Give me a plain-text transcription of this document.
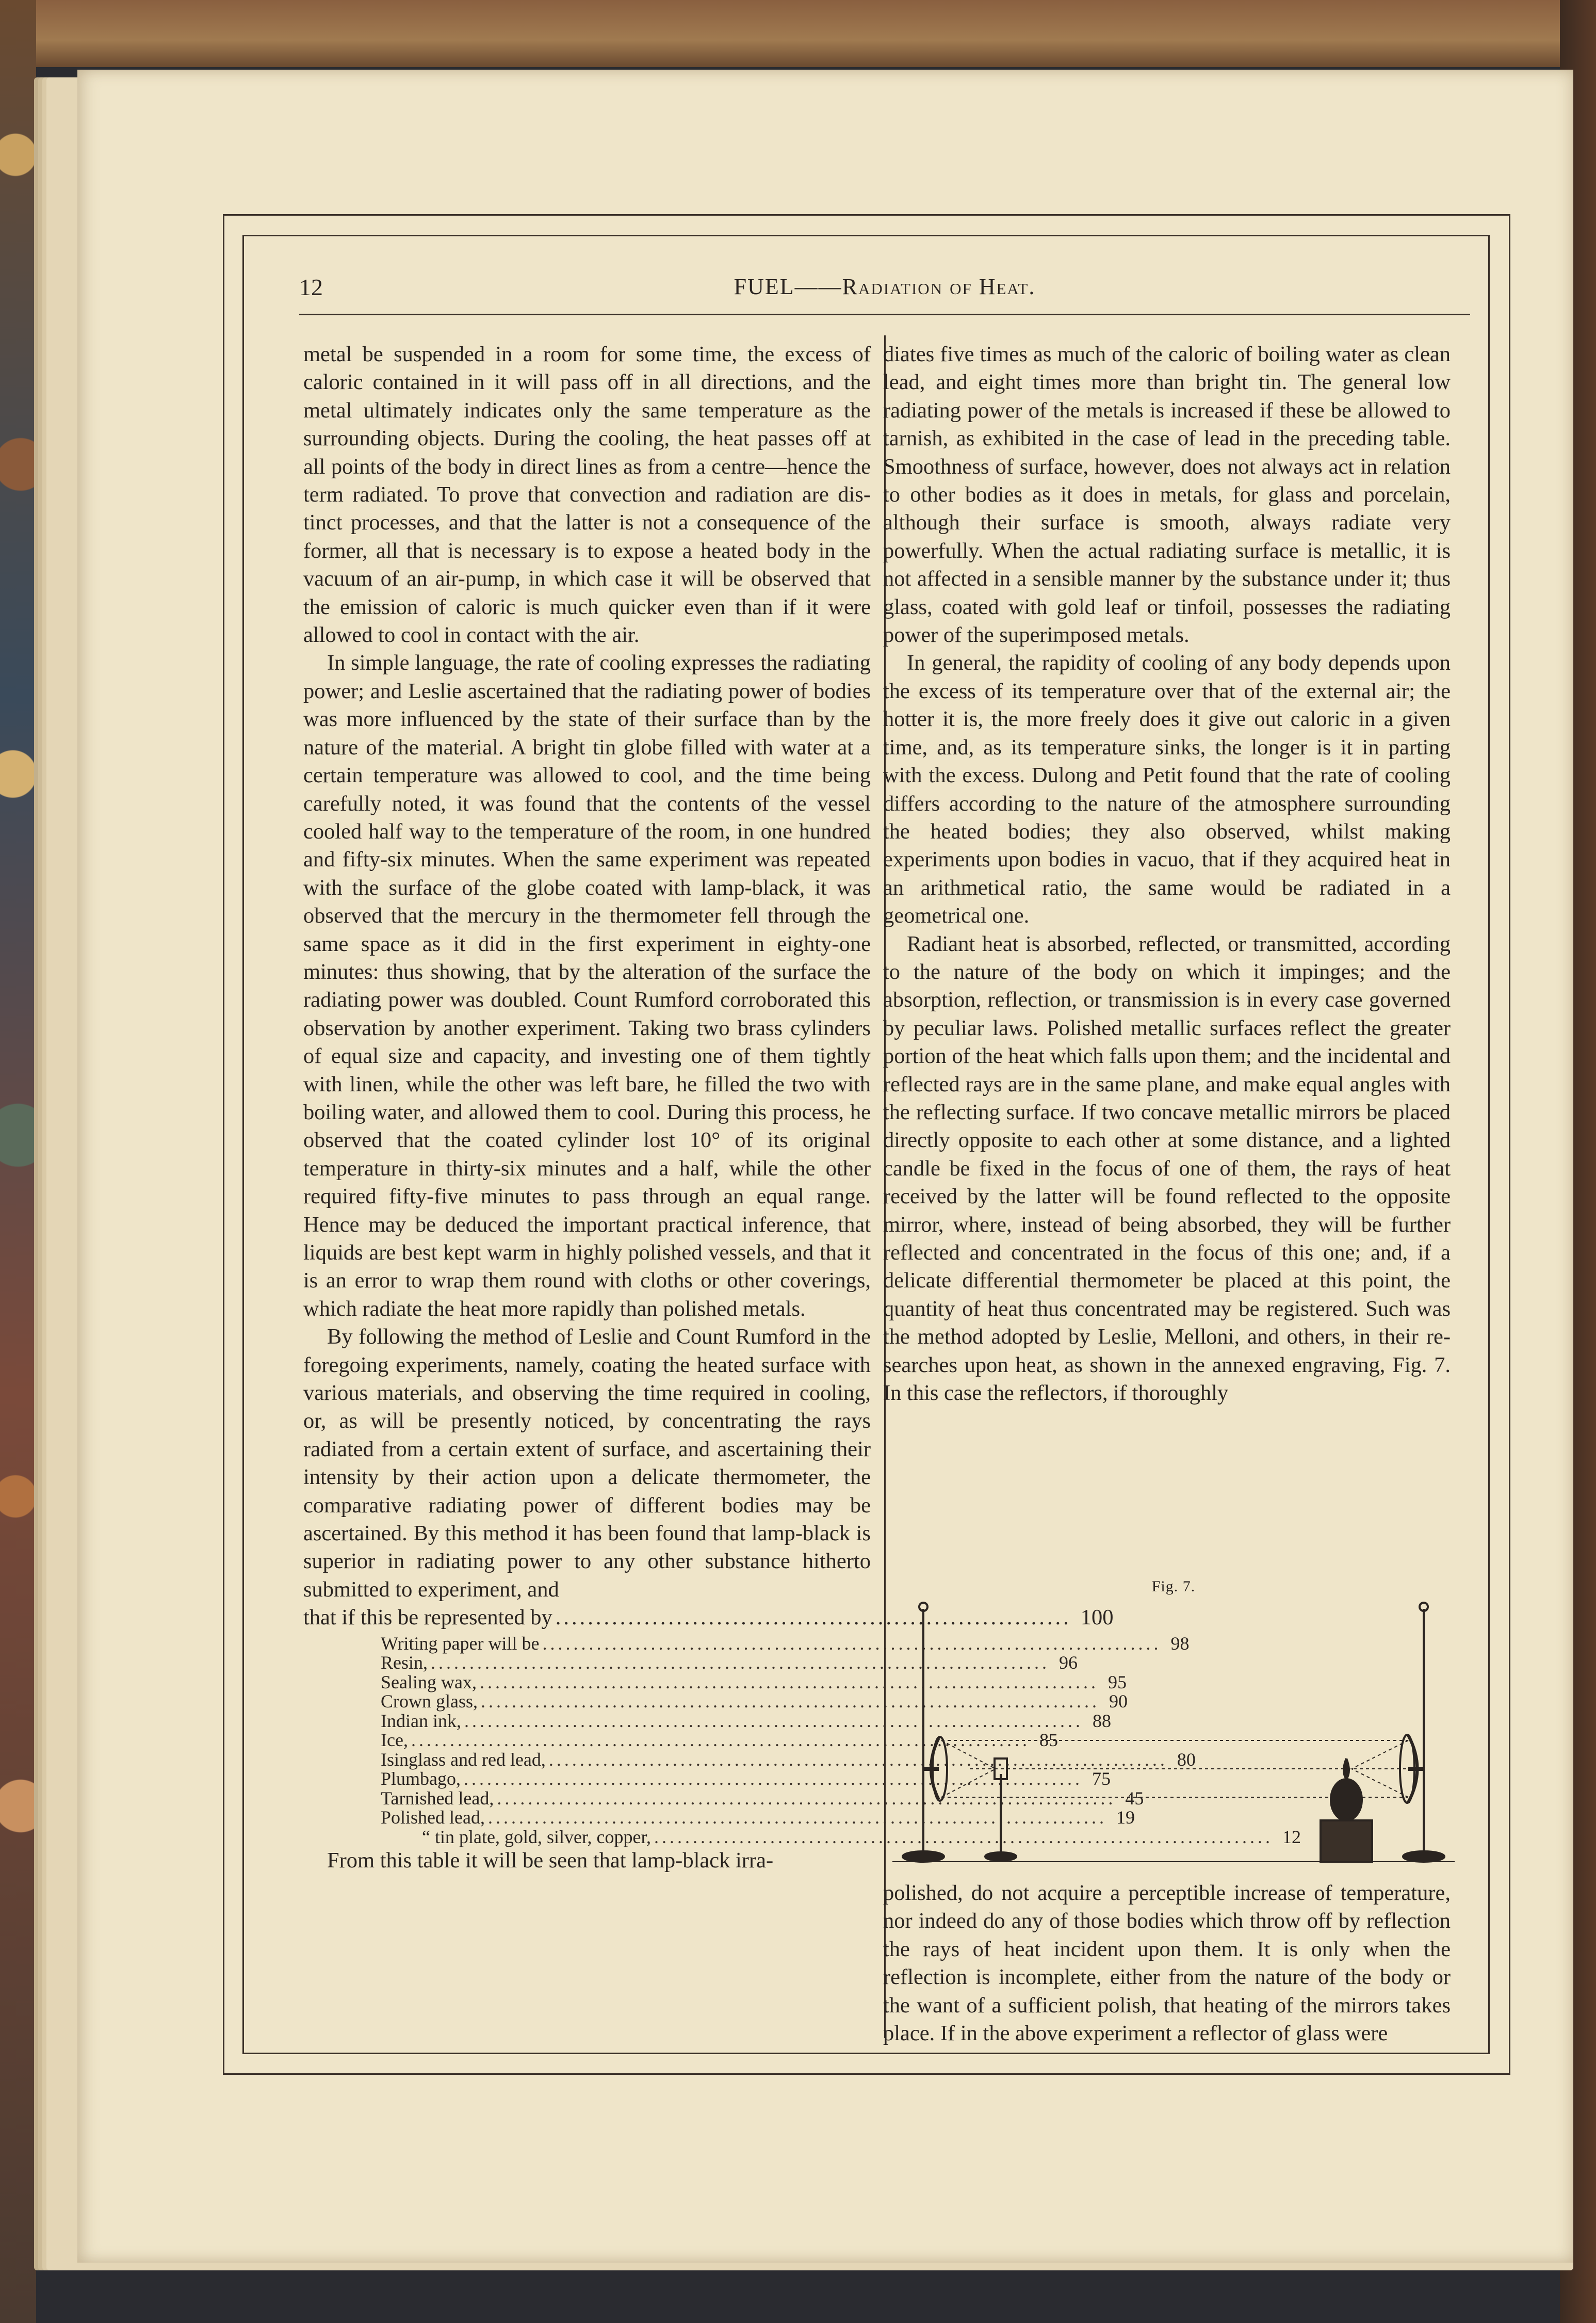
12	FUEL——Radiation of Heat.

metal be suspended in a room for some time, the excess of caloric contained in it will pass off in all directions, and the metal ultimately indicates only the same temperature as the surrounding objects. During the cooling, the heat passes off at all points of the body in direct lines as from a centre—hence the term radiated. To prove that convection and radiation are distinct processes, and that the latter is not a consequence of the former, all that is necessary is to expose a heated body in the vacuum of an air-pump, in which case it will be observed that the emission of caloric is much quicker even than if it were allowed to cool in contact with the air.

In simple language, the rate of cooling expresses the radiating power; and Leslie ascertained that the radiating power of bodies was more influenced by the state of their surface than by the nature of the material. A bright tin globe filled with water at a certain temperature was allowed to cool, and the time being carefully noted, it was found that the contents of the vessel cooled half way to the temperature of the room, in one hundred and fifty-six minutes. When the same experiment was repeated with the surface of the globe coated with lamp-black, it was observed that the mercury in the thermometer fell through the same space as it did in the first experiment in eighty-one minutes: thus showing, that by the alteration of the surface the radiating power was doubled. Count Rumford corroborated this observation by another experiment. Taking two brass cylinders of equal size and capacity, and investing one of them tightly with linen, while the other was left bare, he filled the two with boiling water, and allowed them to cool. During this process, he observed that the coated cylinder lost 10° of its original temperature in thirty-six minutes and a half, while the other required fifty-five minutes to pass through an equal range. Hence may be deduced the important practical inference, that liquids are best kept warm in highly polished vessels, and that it is an error to wrap them round with cloths or other coverings, which radiate the heat more rapidly than polished metals.

By following the method of Leslie and Count Rumford in the foregoing experiments, namely, coating the heated surface with various materials, and observing the time required in cooling, or, as will be presently noticed, by concentrating the rays radiated from a certain extent of surface, and ascertaining their intensity by their action upon a delicate thermometer, the comparative radiating power of different bodies may be ascertained. By this method it has been found that lamp-black is superior in radiating power to any other substance hitherto submitted to experiment, and

that if this be represented by ................................................................ 100
Writing paper will be ................................................................................ 98
Resin, ................................................................................ 96
Sealing wax, ................................................................................ 95
Crown glass, ................................................................................ 90
Indian ink, ................................................................................ 88
Ice, ................................................................................ 85
Isinglass and red lead, ................................................................................ 80
Plumbago, ................................................................................ 75
Tarnished lead, ................................................................................ 45
Polished lead, ................................................................................ 19
“ tin plate, gold, silver, copper, ................................................................................ 12

From this table it will be seen that lamp-black irra-

diates five times as much of the caloric of boiling water as clean lead, and eight times more than bright tin. The general low radiating power of the metals is increased if these be allowed to tarnish, as exhibited in the case of lead in the preceding table. Smoothness of surface, however, does not always act in relation to other bodies as it does in metals, for glass and porcelain, although their surface is smooth, always radiate very powerfully. When the actual radiating surface is metallic, it is not affected in a sensible manner by the substance under it; thus glass, coated with gold leaf or tinfoil, possesses the radiating power of the superimposed metals.

In general, the rapidity of cooling of any body depends upon the excess of its temperature over that of the external air; the hotter it is, the more freely does it give out caloric in a given time, and, as its temperature sinks, the longer is it in parting with the excess. Dulong and Petit found that the rate of cooling differs according to the nature of the atmosphere surrounding the heated bodies; they also observed, whilst making experiments upon bodies in vacuo, that if they acquired heat in an arithmetical ratio, the same would be radiated in a geometrical one.

Radiant heat is absorbed, reflected, or transmitted, according to the nature of the body on which it impinges; and the absorption, reflection, or transmission is in every case governed by peculiar laws. Polished metallic surfaces reflect the greater portion of the heat which falls upon them; and the incidental and reflected rays are in the same plane, and make equal angles with the reflecting surface. If two concave metallic mirrors be placed directly opposite to each other at some distance, and a lighted candle be fixed in the focus of one of them, the rays of heat received by the latter will be found reflected to the opposite mirror, where, instead of being absorbed, they will be further reflected and concentrated in the focus of this one; and, if a delicate differential thermometer be placed at this point, the quantity of heat thus concentrated may be registered. Such was the method adopted by Leslie, Melloni, and others, in their researches upon heat, as shown in the annexed engraving, Fig. 7. In this case the reflectors, if thoroughly

Fig. 7.

polished, do not acquire a perceptible increase of temperature, nor indeed do any of those bodies which throw off by reflection the rays of heat incident upon them. It is only when the reflection is incomplete, either from the nature of the body or the want of a sufficient polish, that heating of the mirrors takes place. If in the above experiment a reflector of glass were
